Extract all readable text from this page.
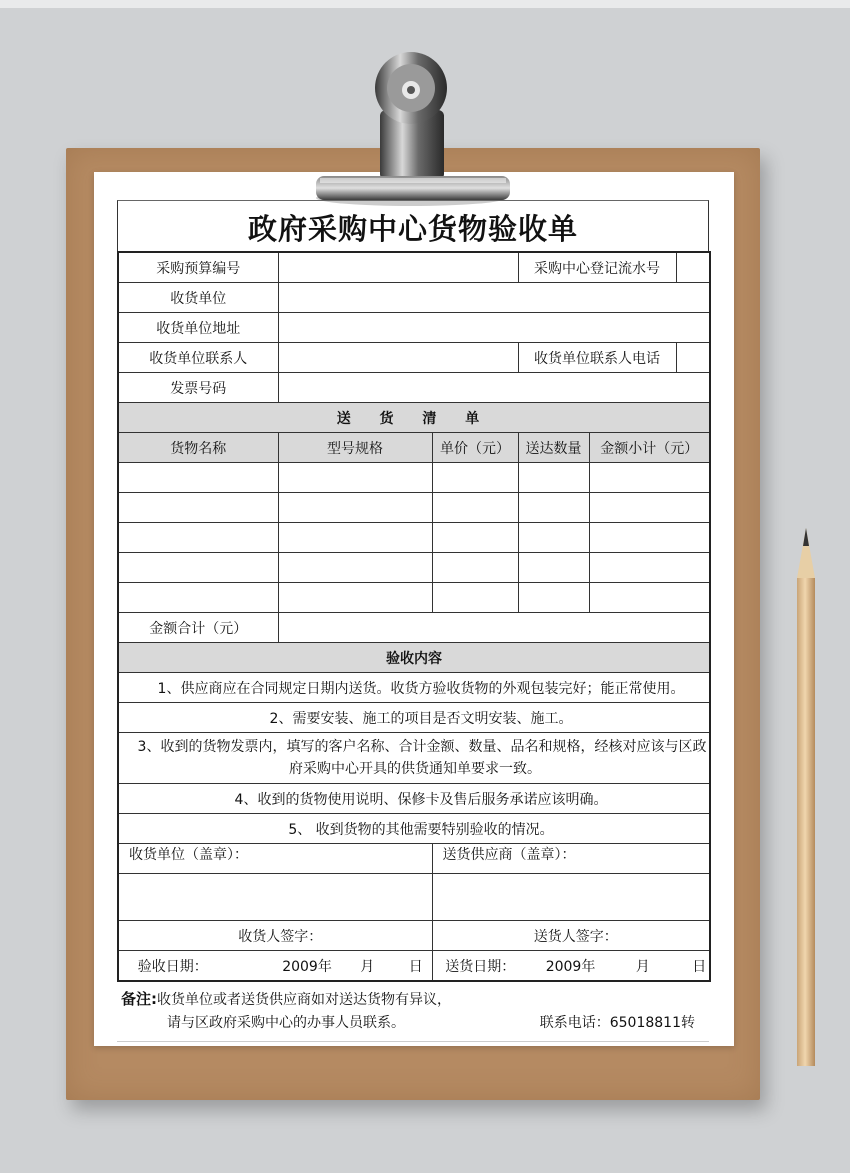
政府采购中心货物验收单
采购预算编号			采购中心登记流水号	

收货单位	
收货单位地址	
收货单位联系人			收货单位联系人电话	

发票号码	
送 货 清 单
货物名称	型号规格	单价（元）	送达数量	金额小计（元）

金额合计（元）	
验收内容
1、供应商应在合同规定日期内送货。收货方验收货物的外观包装完好；能正常使用。
2、需要安装、施工的项目是否文明安装、施工。
3、收到的货物发票内，填写的客户名称、合计金额、数量、品名和规格，经核对应该与区政府采购中心开具的供货通知单要求一致。
4、收到的货物使用说明、保修卡及售后服务承诺应该明确。
5、 收到货物的其他需要特别验收的情况。
收货单位（盖章）：	送货供应商（盖章）：

收货人签字：	送货人签字：
验收日期：	2009年 月 日	送货日期： 2009年	月	日
备注:收货单位或者送货供应商如对送达货物有异议，
请与区政府采购中心的办事人员联系。	联系电话：65018811转
